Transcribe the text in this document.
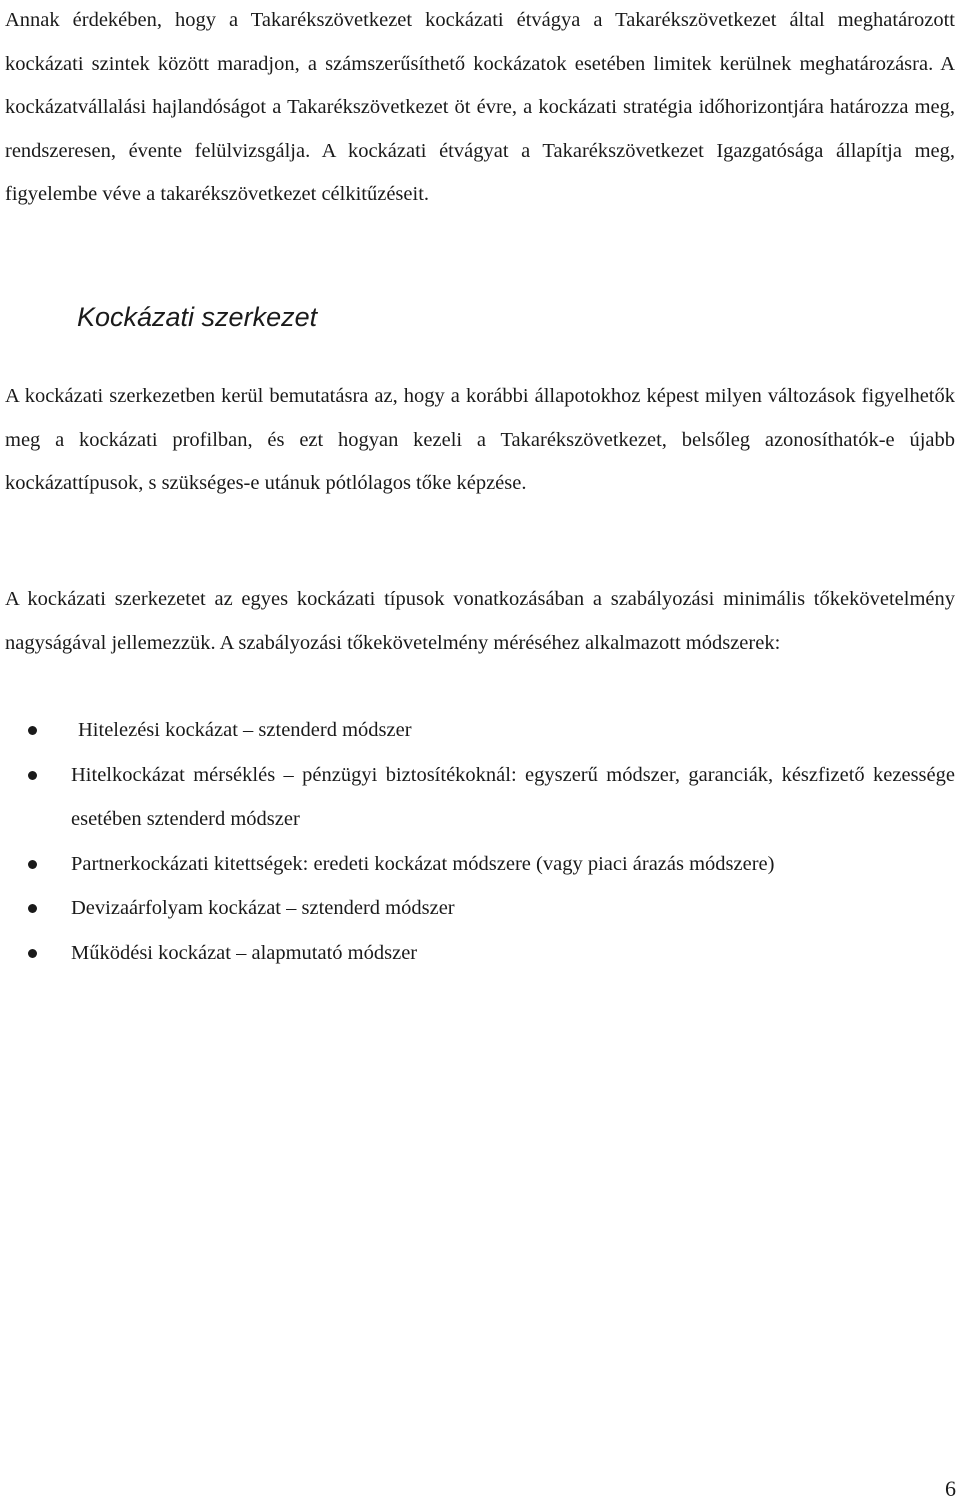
Annak érdekében, hogy a Takarékszövetkezet kockázati étvágya a Takarékszövetkezet által meghatározott kockázati szintek között maradjon, a számszerűsíthető kockázatok esetében limitek kerülnek meghatározásra. A kockázatvállalási hajlandóságot a Takarékszövetkezet öt évre, a kockázati stratégia időhorizontjára határozza meg, rendszeresen, évente felülvizsgálja. A kockázati étvágyat a Takarékszövetkezet Igazgatósága állapítja meg, figyelembe véve a takarékszövetkezet célkitűzéseit.

Kockázati szerkezet

A kockázati szerkezetben kerül bemutatásra az, hogy a korábbi állapotokhoz képest milyen változások figyelhetők meg a kockázati profilban, és ezt hogyan kezeli a Takarékszövetkezet, belsőleg azonosíthatók-e újabb kockázattípusok, s szükséges-e utánuk pótlólagos tőke képzése.

A kockázati szerkezetet az egyes kockázati típusok vonatkozásában a szabályozási minimális tőkekövetelmény nagyságával jellemezzük. A szabályozási tőkekövetelmény méréséhez alkalmazott módszerek:

Hitelezési kockázat – sztenderd módszer
Hitelkockázat mérséklés – pénzügyi biztosítékoknál: egyszerű módszer, garanciák, készfizető kezessége esetében sztenderd módszer
Partnerkockázati kitettségek: eredeti kockázat módszere (vagy piaci árazás módszere)
Devizaárfolyam kockázat – sztenderd módszer
Működési kockázat – alapmutató módszer
6
